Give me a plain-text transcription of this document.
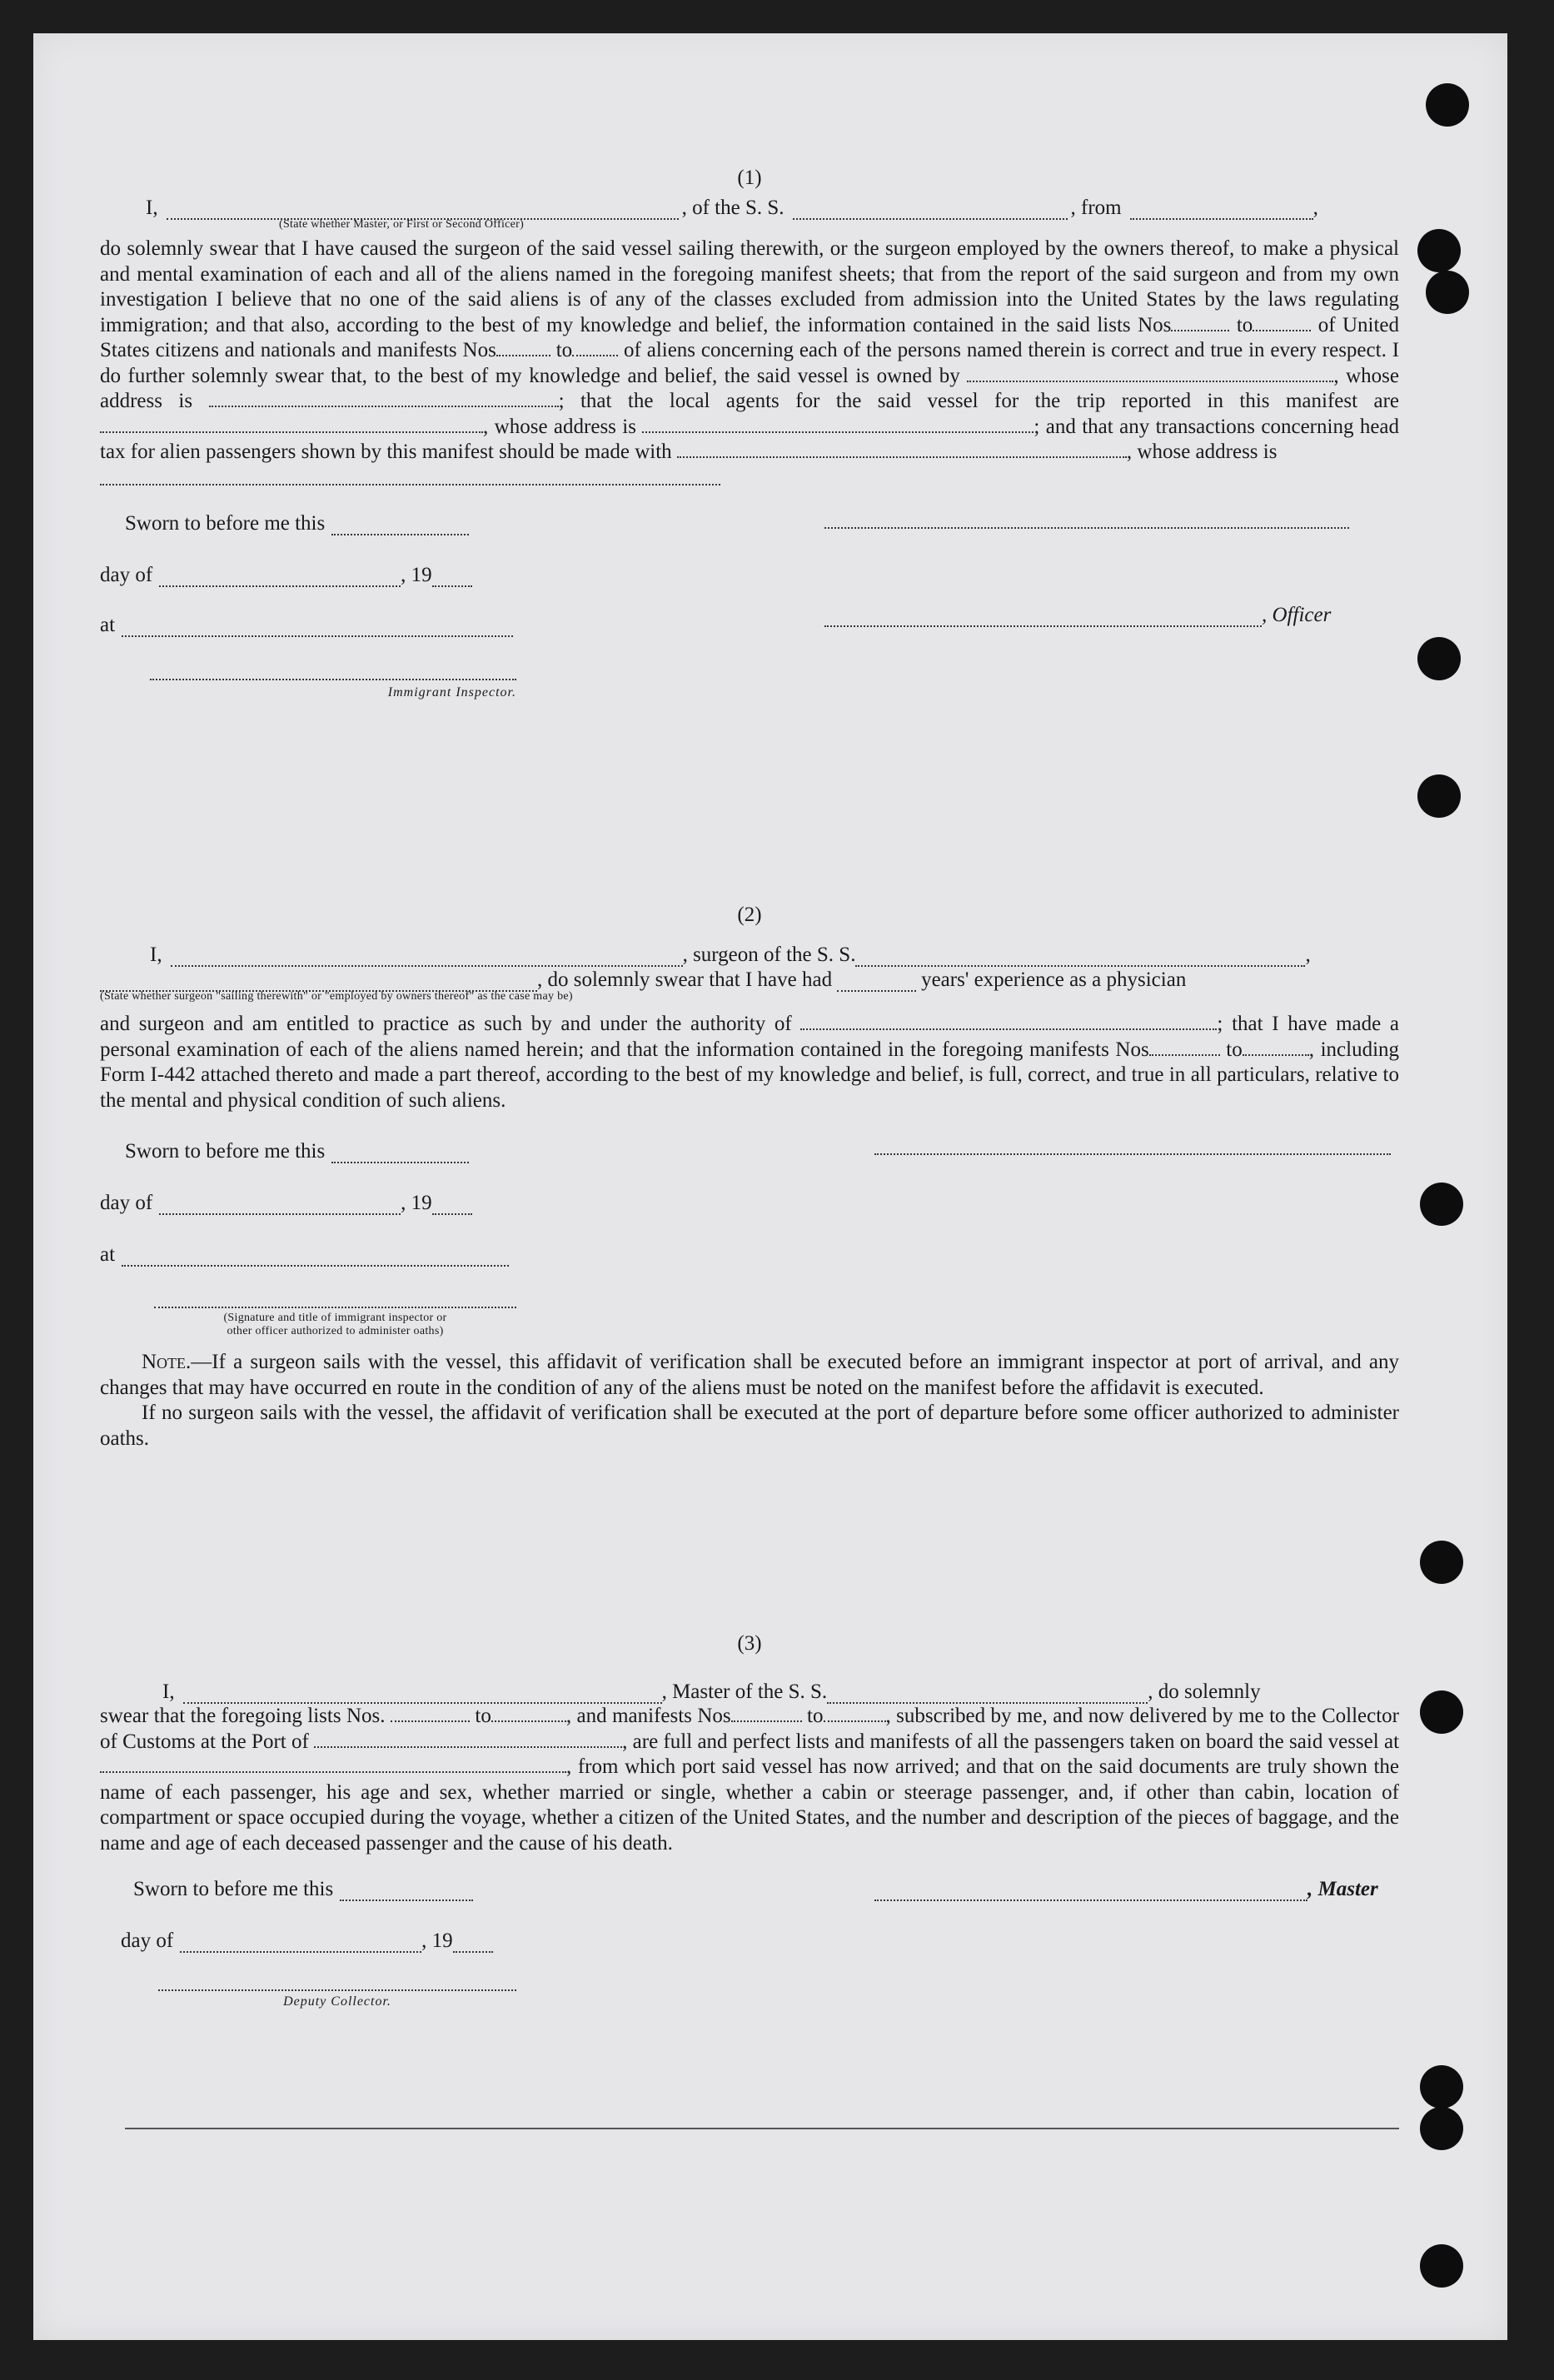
(1)
I,	, of the S. S.	, from	,
(State whether Master, or First or Second Officer)

do solemnly swear that I have caused the surgeon of the said vessel sailing therewith, or the surgeon employed by the owners thereof, to make a physical and mental examination of each and all of the aliens named in the foregoing manifest sheets; that from the report of the said surgeon and from my own investigation I believe that no one of the said aliens is of any of the classes excluded from admission into the United States by the laws regulating immigration; and that also, according to the best of my knowledge and belief, the information contained in the said lists Nos	to	of United States citizens and nationals and manifests Nos	to of aliens concerning each of the persons named therein is correct and true in every respect. I do further solemnly swear that, to the best of my knowledge and belief, the said vessel is owned by	, whose address is	; that the local agents for the said vessel for the trip reported in this manifest are , whose address is	; and that any transactions concerning head tax for alien passengers shown by this manifest should be made with	, whose address is

Sworn to before me this
day of	, 19
, Officer
at
Immigrant Inspector.
(2)
I,	, surgeon of the S. S.	,
, do solemnly swear that I have had	years' experience as a physician
(State whether surgeon "sailing therewith" or "employed by owners thereof" as the case may be)

and surgeon and am entitled to practice as such by and under the authority of	; that I have made a personal examination of each of the aliens named herein; and that the information contained in the foregoing manifests Nos	to	, including Form I-442 attached thereto and made a part thereof, according to the best of my knowledge and belief, is full, correct, and true in all particulars, relative to the mental and physical condition of such aliens.

Sworn to before me this
day of	, 19
at
(Signature and title of immigrant inspector or
other officer authorized to administer oaths)

Note.—If a surgeon sails with the vessel, this affidavit of verification shall be executed before an immigrant inspector at port of arrival, and any changes that may have occurred en route in the condition of any of the aliens must be noted on the manifest before the affidavit is executed.

If no surgeon sails with the vessel, the affidavit of verification shall be executed at the port of departure before some officer authorized to administer oaths.

(3)
I,	, Master of the S. S.	, do solemnly

swear that the foregoing lists Nos.	to	, and manifests Nos	to	, subscribed by me, and now delivered by me to the Collector of Customs at the Port of	, are full and perfect lists and manifests of all the passengers taken on board the said vessel at , from which port said vessel has now arrived; and that on the said documents are truly shown the name of each passenger, his age and sex, whether married or single, whether a cabin or steerage passenger, and, if other than cabin, location of compartment or space occupied during the voyage, whether a citizen of the United States, and the number and description of the pieces of baggage, and the name and age of each deceased passenger and the cause of his death.

Sworn to before me this	, Master
day of	, 19
Deputy Collector.
